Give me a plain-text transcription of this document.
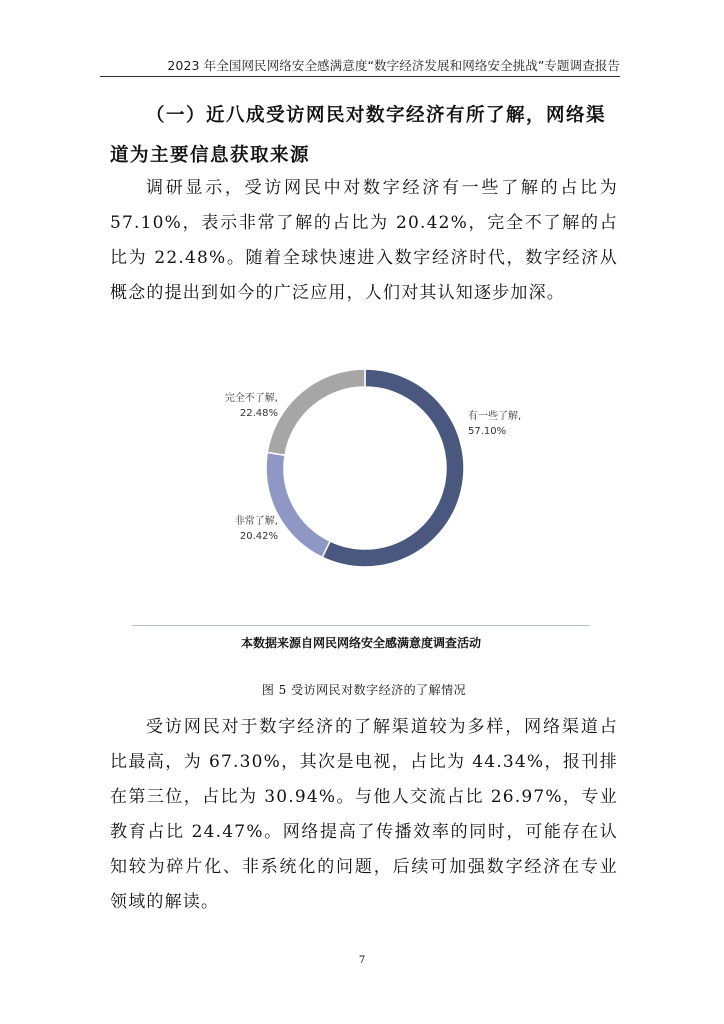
2023 年全国网民网络安全感满意度“数字经济发展和网络安全挑战”专题调查报告

（一）近八成受访网民对数字经济有所了解，网络渠道为主要信息获取来源

调研显示，受访网民中对数字经济有一些了解的占比为 57.10%，表示非常了解的占比为 20.42%，完全不了解的占比为 22.48%。随着全球快速进入数字经济时代，数字经济从概念的提出到如今的广泛应用，人们对其认知逐步加深。

有一些了解,
57.10%
非常了解,
20.42%
完全不了解,
22.48%
本数据来源自网民网络安全感满意度调查活动
图 5 受访网民对数字经济的了解情况

受访网民对于数字经济的了解渠道较为多样，网络渠道占比最高，为 67.30%，其次是电视，占比为 44.34%，报刊排在第三位，占比为 30.94%。与他人交流占比 26.97%，专业教育占比 24.47%。网络提高了传播效率的同时，可能存在认知较为碎片化、非系统化的问题，后续可加强数字经济在专业领域的解读。

7
